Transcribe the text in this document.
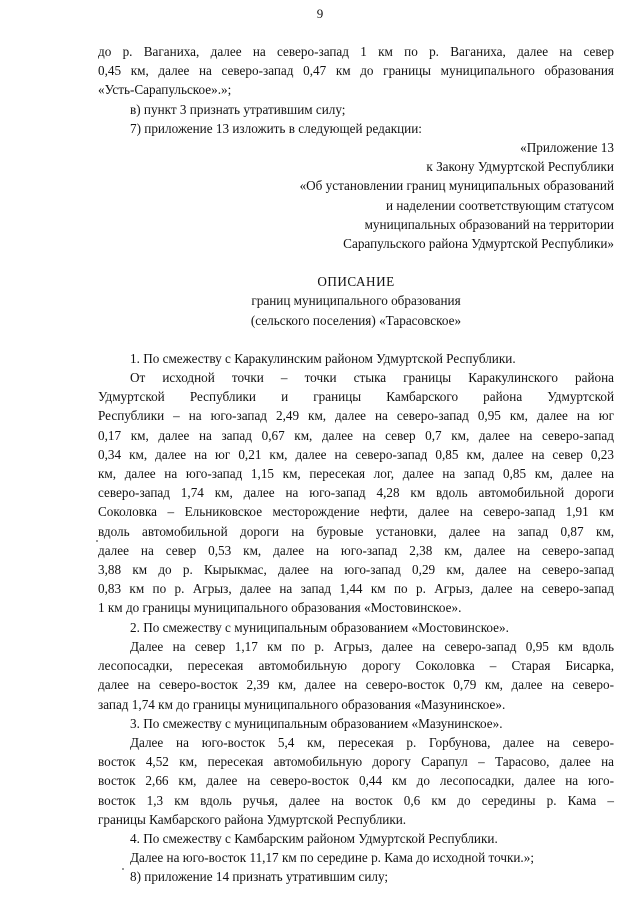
9

до р. Ваганиха, далее на северо-запад 1 км по р. Ваганиха, далее на север

0,45 км, далее на северо-запад 0,47 км до границы муниципального образования

«Усть-Сарапульское».»;

в) пункт 3 признать утратившим силу;

7) приложение 13 изложить в следующей редакции:

«Приложение 13

к Закону Удмуртской Республики

«Об установлении границ муниципальных образований

и наделении соответствующим статусом

муниципальных образований на территории

Сарапульского района Удмуртской Республики»

ОПИСАНИЕ

границ муниципального образования

(сельского поселения) «Тарасовское»

1. По смежеству с Каракулинским районом Удмуртской Республики.

От исходной точки – точки стыка границы Каракулинского района

Удмуртской Республики и границы Камбарского района Удмуртской

Республики – на юго-запад 2,49 км, далее на северо-запад 0,95 км, далее на юг

0,17 км, далее на запад 0,67 км, далее на север 0,7 км, далее на северо-запад

0,34 км, далее на юг 0,21 км, далее на северо-запад 0,85 км, далее на север 0,23

км, далее на юго-запад 1,15 км, пересекая лог, далее на запад 0,85 км, далее на

северо-запад 1,74 км, далее на юго-запад 4,28 км вдоль автомобильной дороги

Соколовка – Ельниковское месторождение нефти, далее на северо-запад 1,91 км

вдоль автомобильной дороги на буровые установки, далее на запад 0,87 км,

далее на север 0,53 км, далее на юго-запад 2,38 км, далее на северо-запад

3,88 км до р. Кырыкмас, далее на юго-запад 0,29 км, далее на северо-запад

0,83 км по р. Агрыз, далее на запад 1,44 км по р. Агрыз, далее на северо-запад

1 км до границы муниципального образования «Мостовинское».

2. По смежеству с муниципальным образованием «Мостовинское».

Далее на север 1,17 км по р. Агрыз, далее на северо-запад 0,95 км вдоль

лесопосадки, пересекая автомобильную дорогу Соколовка – Старая Бисарка,

далее на северо-восток 2,39 км, далее на северо-восток 0,79 км, далее на северо-

запад 1,74 км до границы муниципального образования «Мазунинское».

3. По смежеству с муниципальным образованием «Мазунинское».

Далее на юго-восток 5,4 км, пересекая р. Горбунова, далее на северо-

восток 4,52 км, пересекая автомобильную дорогу Сарапул – Тарасово, далее на

восток 2,66 км, далее на северо-восток 0,44 км до лесопосадки, далее на юго-

восток 1,3 км вдоль ручья, далее на восток 0,6 км до середины р. Кама –

границы Камбарского района Удмуртской Республики.

4. По смежеству с Камбарским районом Удмуртской Республики.

Далее на юго-восток 11,17 км по середине р. Кама до исходной точки.»;

8) приложение 14 признать утратившим силу;
